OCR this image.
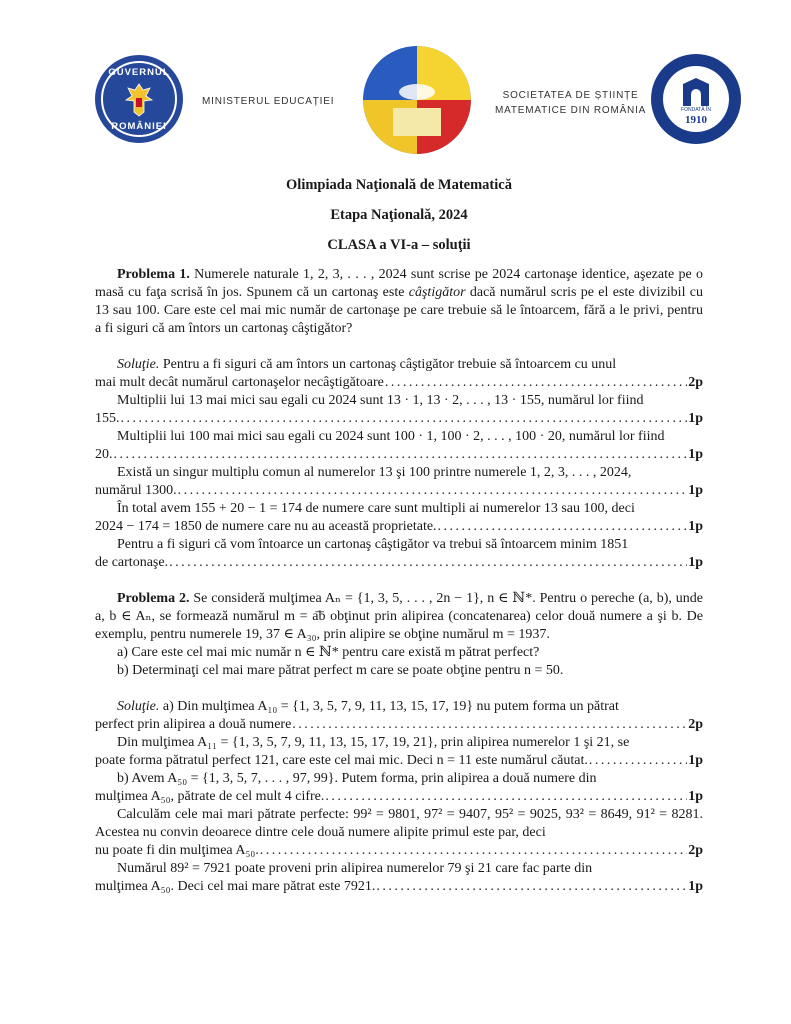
GUVERNUL
ROMÂNIEI
MINISTERUL EDUCAȚIEI
SOCIETATEA DE ȘTIINȚE
MATEMATICE DIN ROMÂNIA	FONDATĂ ÎN
1910
Olimpiada Naţională de Matematică
Etapa Naţională, 2024
CLASA a VI-a – soluţii

Problema 1. Numerele naturale 1, 2, 3, . . . , 2024 sunt scrise pe 2024 cartonaşe identice, aşezate pe o masă cu faţa scrisă în jos. Spunem că un cartonaş este câştigător dacă numărul scris pe el este divizibil cu 13 sau 100. Care este cel mai mic număr de cartonaşe pe care trebuie să le întoarcem, fără a le privi, pentru a fi siguri că am întors un cartonaş câştigător?

Soluţie. Pentru a fi siguri că am întors un cartonaş câştigător trebuie să întoarcem cu unul

mai mult decât numărul cartonaşelor necâştigătoare . . .	2p

Multiplii lui 13 mai mici sau egali cu 2024 sunt 13 · 1, 13 · 2, . . . , 13 · 155, numărul lor fiind

155. . . .	1p

Multiplii lui 100 mai mici sau egali cu 2024 sunt 100 · 1, 100 · 2, . . . , 100 · 20, numărul lor fiind

20. . . .	1p

Există un singur multiplu comun al numerelor 13 şi 100 printre numerele 1, 2, 3, . . . , 2024,

numărul 1300. . . .	1p

În total avem 155 + 20 − 1 = 174 de numere care sunt multipli ai numerelor 13 sau 100, deci

2024 − 174 = 1850 de numere care nu au această proprietate. . . .	1p

Pentru a fi siguri că vom întoarce un cartonaş câştigător va trebui să întoarcem minim 1851

de cartonaşe. . . .	1p

Problema 2. Se consideră mulţimea Aₙ = {1, 3, 5, . . . , 2n − 1}, n ∈ ℕ*. Pentru o pereche (a, b), unde a, b ∈ Aₙ, se formează numărul m = a͞b obţinut prin alipirea (concatenarea) celor două numere a şi b. De exemplu, pentru numerele 19, 37 ∈ A₃₀, prin alipire se obţine numărul m = 1937.

a) Care este cel mai mic număr n ∈ ℕ* pentru care există m pătrat perfect?

b) Determinaţi cel mai mare pătrat perfect m care se poate obţine pentru n = 50.

Soluţie. a) Din mulţimea A₁₀ = {1, 3, 5, 7, 9, 11, 13, 15, 17, 19} nu putem forma un pătrat

perfect prin alipirea a două numere . . .	2p

Din mulţimea A₁₁ = {1, 3, 5, 7, 9, 11, 13, 15, 17, 19, 21}, prin alipirea numerelor 1 şi 21, se

poate forma pătratul perfect 121, care este cel mai mic. Deci n = 11 este numărul căutat. . . .	1p

b) Avem A₅₀ = {1, 3, 5, 7, . . . , 97, 99}. Putem forma, prin alipirea a două numere din

mulţimea A₅₀, pătrate de cel mult 4 cifre. . . .	1p

Calculăm cele mai mari pătrate perfecte: 99² = 9801, 97² = 9407, 95² = 9025, 93² = 8649, 91² = 8281. Acestea nu convin deoarece dintre cele două numere alipite primul este par, deci

nu poate fi din mulţimea A₅₀. . . .	2p

Numărul 89² = 7921 poate proveni prin alipirea numerelor 79 şi 21 care fac parte din

mulţimea A₅₀. Deci cel mai mare pătrat este 7921. . . .	1p
